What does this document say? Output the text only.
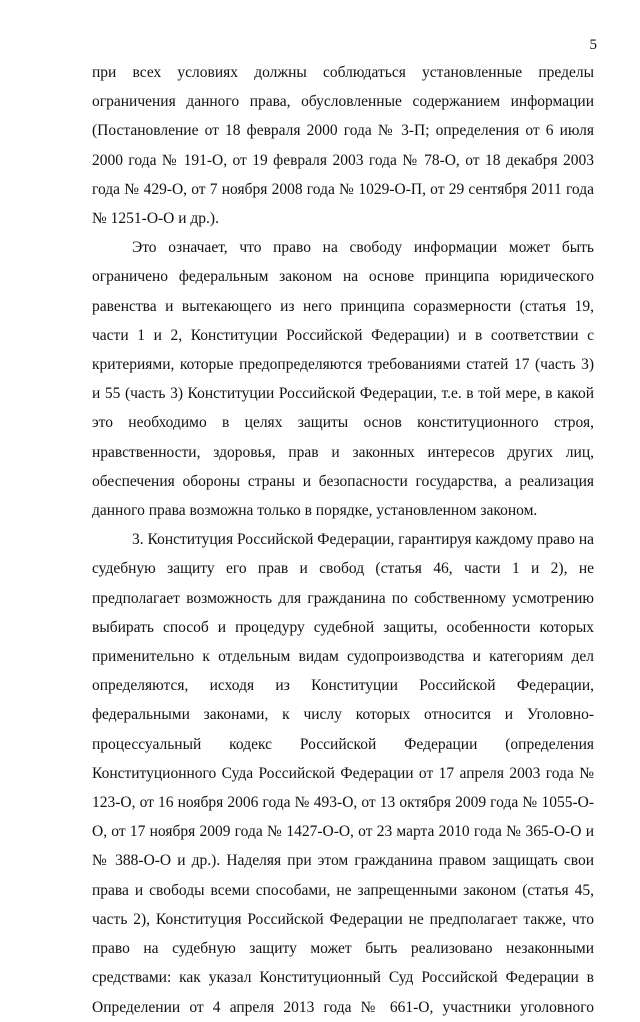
5

при всех условиях должны соблюдаться установленные пределы ограничения данного права, обусловленные содержанием информации (Постановление от 18 февраля 2000 года № 3-П; определения от 6 июля 2000 года № 191-О, от 19 февраля 2003 года № 78-О, от 18 декабря 2003 года № 429-О, от 7 ноября 2008 года № 1029-О-П, от 29 сентября 2011 года № 1251-О-О и др.).

Это означает, что право на свободу информации может быть ограничено федеральным законом на основе принципа юридического равенства и вытекающего из него принципа соразмерности (статья 19, части 1 и 2, Конституции Российской Федерации) и в соответствии с критериями, которые предопределяются требованиями статей 17 (часть 3) и 55 (часть 3) Конституции Российской Федерации, т.е. в той мере, в какой это необходимо в целях защиты основ конституционного строя, нравственности, здоровья, прав и законных интересов других лиц, обеспечения обороны страны и безопасности государства, а реализация данного права возможна только в порядке, установленном законом.

3. Конституция Российской Федерации, гарантируя каждому право на судебную защиту его прав и свобод (статья 46, части 1 и 2), не предполагает возможность для гражданина по собственному усмотрению выбирать способ и процедуру судебной защиты, особенности которых применительно к отдельным видам судопроизводства и категориям дел определяются, исходя из Конституции Российской Федерации, федеральными законами, к числу которых относится и Уголовно-процессуальный кодекс Российской Федерации (определения Конституционного Суда Российской Федерации от 17 апреля 2003 года № 123-О, от 16 ноября 2006 года № 493-О, от 13 октября 2009 года № 1055-О-О, от 17 ноября 2009 года № 1427-О-О, от 23 марта 2010 года № 365-О-О и № 388-О-О и др.). Наделяя при этом гражданина правом защищать свои права и свободы всеми способами, не запрещенными законом (статья 45, часть 2), Конституция Российской Федерации не предполагает также, что право на судебную защиту может быть реализовано незаконными средствами: как указал Конституционный Суд Российской Федерации в Определении от 4 апреля 2013 года № 661-О, участники уголовного
